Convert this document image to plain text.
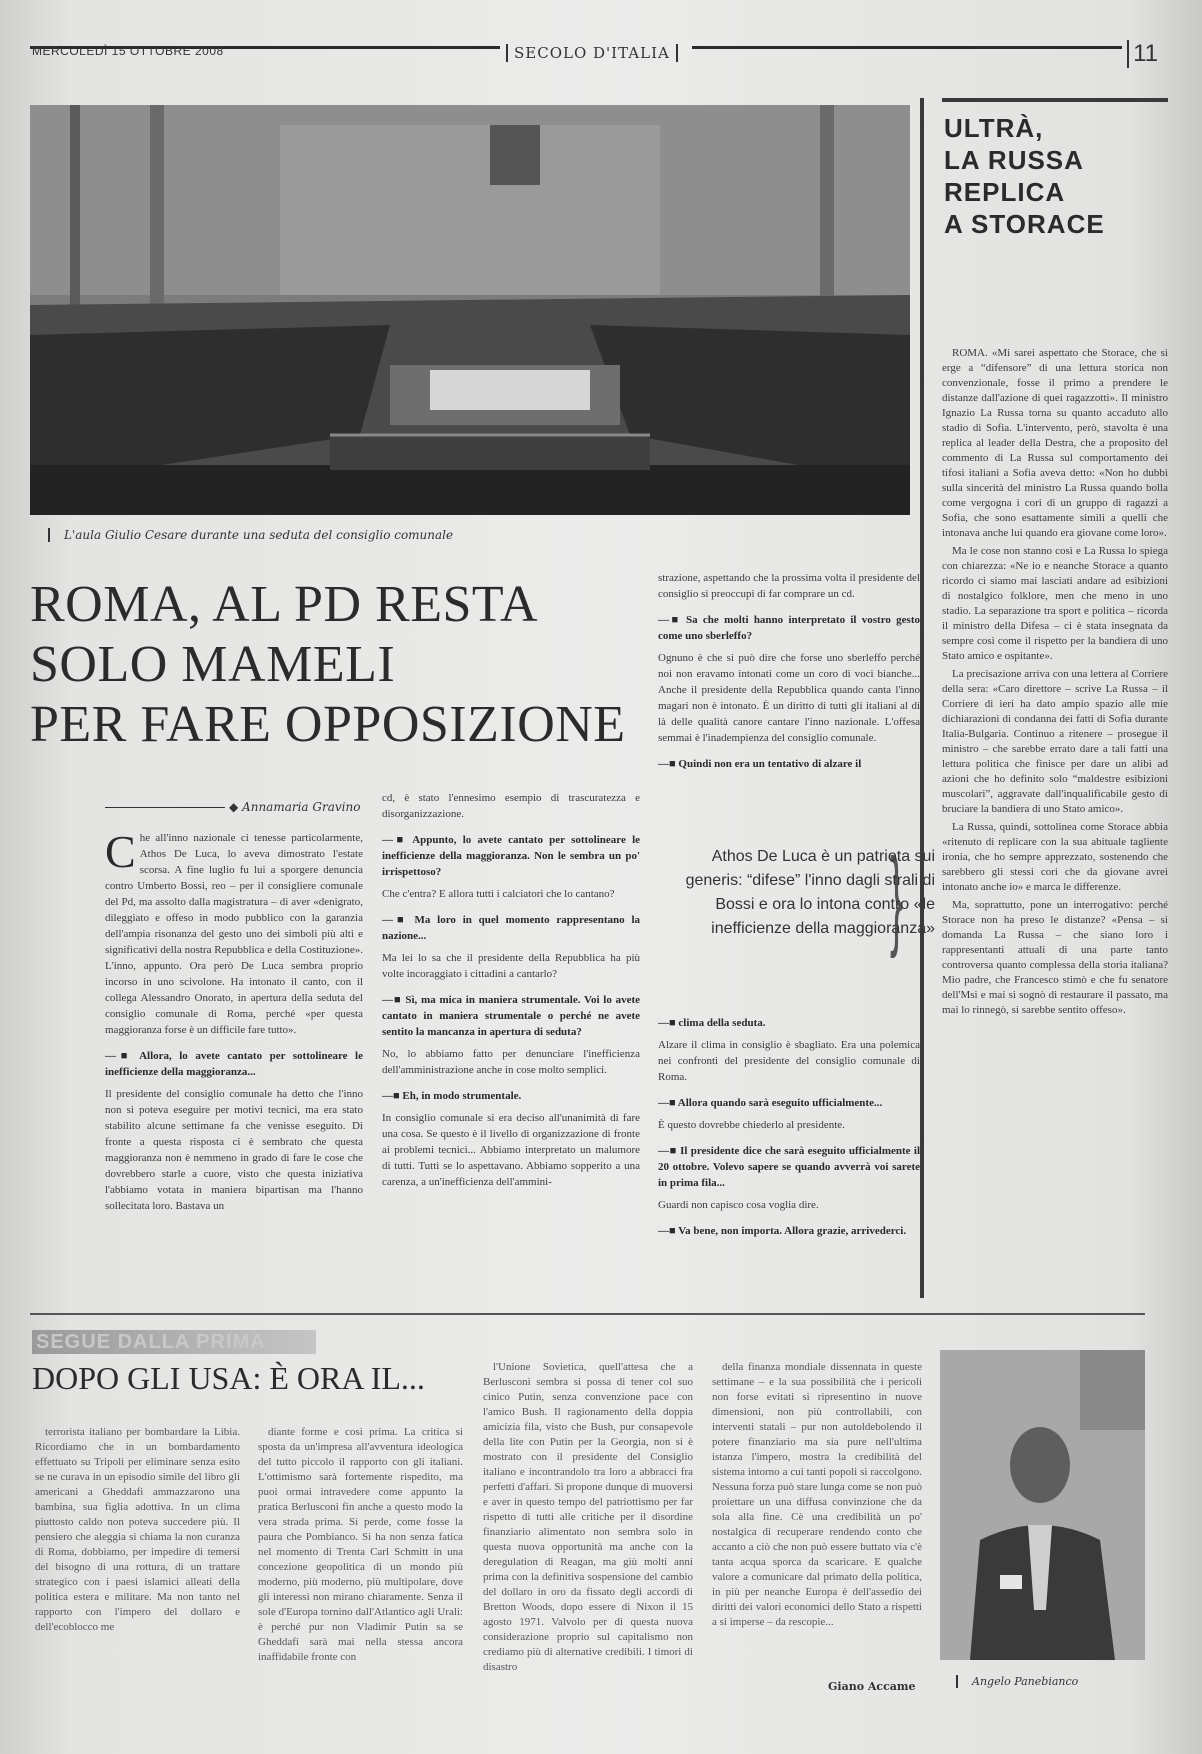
MERCOLEDÌ 15 OTTOBRE 2008	SECOLO D'ITALIA	11
L'aula Giulio Cesare durante una seduta del consiglio comunale
ROMA, AL PD RESTA
SOLO MAMELI
PER FARE OPPOSIZIONE
◆ Annamaria Gravino

Che all'inno nazionale ci tenesse particolarmente, Athos De Luca, lo aveva dimostrato l'estate scorsa. A fine luglio fu lui a sporgere denuncia contro Umberto Bossi, reo – per il consigliere comunale del Pd, ma assolto dalla magistratura – di aver «denigrato, dileggiato e offeso in modo pubblico con la garanzia dell'ampia risonanza del gesto uno dei simboli più alti e significativi della nostra Repubblica e della Costituzione». L'inno, appunto. Ora però De Luca sembra proprio incorso in uno scivolone. Ha intonato il canto, con il collega Alessandro Onorato, in apertura della seduta del consiglio comunale di Roma, perché «per questa maggioranza forse è un difficile fare tutto».

—■ Allora, lo avete cantato per sottolineare le inefficienze della maggioranza...

Il presidente del consiglio comunale ha detto che l'inno non si poteva eseguire per motivi tecnici, ma era stato stabilito alcune settimane fa che venisse eseguito. Di fronte a questa risposta ci è sembrato che questa maggioranza non è nemmeno in grado di fare le cose che dovrebbero starle a cuore, visto che questa iniziativa l'abbiamo votata in maniera bipartisan ma l'hanno sollecitata loro. Bastava un

cd, è stato l'ennesimo esempio di trascuratezza e disorganizzazione.

—■ Appunto, lo avete cantato per sottolineare le inefficienze della maggioranza. Non le sembra un po' irrispettoso?

Che c'entra? E allora tutti i calciatori che lo cantano?

—■ Ma loro in quel momento rappresentano la nazione...

Ma lei lo sa che il presidente della Repubblica ha più volte incoraggiato i cittadini a cantarlo?

—■ Sì, ma mica in maniera strumentale. Voi lo avete cantato in maniera strumentale o perché ne avete sentito la mancanza in apertura di seduta?

No, lo abbiamo fatto per denunciare l'inefficienza dell'amministrazione anche in cose molto semplici.

—■ Eh, in modo strumentale.

In consiglio comunale si era deciso all'unanimità di fare una cosa. Se questo è il livello di organizzazione di fronte ai problemi tecnici... Abbiamo interpretato un malumore di tutti. Tutti se lo aspettavano. Abbiamo sopperito a una carenza, a un'inefficienza dell'ammini-

strazione, aspettando che la prossima volta il presidente del consiglio si preoccupi di far comprare un cd.

—■ Sa che molti hanno interpretato il vostro gesto come uno sberleffo?

Ognuno è che si può dire che forse uno sberleffo perché noi non eravamo intonati come un coro di voci bianche... Anche il presidente della Repubblica quando canta l'inno magari non è intonato. È un diritto di tutti gli italiani al di là delle qualità canore cantare l'inno nazionale. L'offesa semmai è l'inadempienza del consiglio comunale.

—■ Quindi non era un tentativo di alzare il

}
Athos De Luca è un patriota sui generis: “difese” l'inno dagli strali di Bossi e ora lo intona contro «le inefficienze della maggioranza»

—■ clima della seduta.

Alzare il clima in consiglio è sbagliato. Era una polemica nei confronti del presidente del consiglio comunale di Roma.

—■ Allora quando sarà eseguito ufficialmente...

È questo dovrebbe chiederlo al presidente.

—■ Il presidente dice che sarà eseguito ufficialmente il 20 ottobre. Volevo sapere se quando avverrà voi sarete in prima fila...

Guardi non capisco cosa voglia dire.

—■ Va bene, non importa. Allora grazie, arrivederci.

ULTRÀ,
LA RUSSA
REPLICA
A STORACE

ROMA. «Mi sarei aspettato che Storace, che si erge a “difensore” di una lettura storica non convenzionale, fosse il primo a prendere le distanze dall'azione di quei ragazzotti». Il ministro Ignazio La Russa torna su quanto accaduto allo stadio di Sofia. L'intervento, però, stavolta è una replica al leader della Destra, che a proposito del commento di La Russa sul comportamento dei tifosi italiani a Sofia aveva detto: «Non ho dubbi sulla sincerità del ministro La Russa quando bolla come vergogna i cori di un gruppo di ragazzi a Sofia, che sono esattamente simili a quelli che intonava anche lui quando era giovane come loro».

Ma le cose non stanno così e La Russa lo spiega con chiarezza: «Ne io e neanche Storace a quanto ricordo ci siamo mai lasciati andare ad esibizioni di nostalgico folklore, men che meno in uno stadio. La separazione tra sport e politica – ricorda il ministro della Difesa – ci è stata insegnata da sempre così come il rispetto per la bandiera di uno Stato amico e ospitante».

La precisazione arriva con una lettera al Corriere della sera: «Caro direttore – scrive La Russa – il Corriere di ieri ha dato ampio spazio alle mie dichiarazioni di condanna dei fatti di Sofia durante Italia-Bulgaria. Continuo a ritenere – prosegue il ministro – che sarebbe errato dare a tali fatti una lettura politica che finisce per dare un alibi ad azioni che ho definito solo “maldestre esibizioni muscolari”, aggravate dall'inqualificabile gesto di bruciare la bandiera di uno Stato amico».

La Russa, quindi, sottolinea come Storace abbia «ritenuto di replicare con la sua abituale taglientе ironia, che ho sempre apprezzato, sostenendo che sarebbero gli stessi cori che da giovane avrei intonato anche io» e marca le differenze.

Ma, soprattutto, pone un interrogativo: perché Storace non ha preso le distanze? «Pensa – si domanda La Russa – che siano loro i rappresentanti attuali di una parte tanto controversa quanto complessa della storia italiana? Mio padre, che Francesco stimò e che fu senatore dell'Msi e mai si sognò di restaurare il passato, ma mai lo rinnegò, si sarebbe sentito offeso».

SEGUE DALLA PRIMA
DOPO GLI USA: È ORA IL...

terrorista italiano per bombardare la Libia. Ricordiamo che in un bombardamento effettuato su Tripoli per eliminare senza esito se ne curava in un episodio simile del libro gli americani a Gheddafi ammazzarono una bambina, sua figlia adottiva. In un clima piuttosto caldo non poteva succedere più. Il pensiero che aleggia si chiama la non curanza di Roma, dobbiamo, per impedire di temersi del bisogno di una rottura, di un trattare strategico con i paesi islamici alleati della politica estera e militare. Ma non tanto nel rapporto con l'impero del dollaro e dell'ecoblocco me

diante forme e così prima. La critica si sposta da un'impresa all'avventura ideologica del tutto piccolo il rapporto con gli italiani. L'ottimismo sarà fortemente rispedito, ma puoi ormai intravedere come appunto la pratica Berlusconi fin anche a questo modo la vera strada prima. Si perde, come fosse la paura che Pombianco. Si ha non senza fatica nel momento di Trenta Carl Schmitt in una concezione geopolitica di un mondo più moderno, più moderno, più multipolare, dove gli interessi non mirano chiaramente. Senza il sole d'Europa tornino dall'Atlantico agli Urali: è perché pur non Vladimir Putin sa se Gheddafi sarà mai nella stessa ancora inaffidabile fronte con

l'Unione Sovietica, quell'attesa che a Berlusconi sembra si possa di tener col suo cinico Putin, senza convenzione pace con l'amico Bush. Il ragionamento della doppia amicizia fila, visto che Bush, pur consapevole della lite con Putin per la Georgia, non si è mostrato con il presidente del Consiglio italiano e incontrandolo tra loro a abbracci fra perfetti d'affari. Si propone dunque di muoversi e aver in questo tempo del patriottismo per far rispetto di tutti alle critiche per il disordine finanziario alimentato non sembra solo in questa nuova opportunità ma anche con la deregulation di Reagan, ma giù molti anni prima con la definitiva sospensione del cambio del dollaro in oro da fissato degli accordi di Bretton Woods, dopo essere di Nixon il 15 agosto 1971. Valvolo per di questa nuova considerazione proprio sul capitalismo non crediamo più di alternative credibili. I timori di disastro

della finanza mondiale dissennata in queste settimane – e la sua possibilità che i pericoli non forse evitati si ripresentino in nuove dimensioni, non più controllabili, con interventi statali – pur non autoldebolendo il potere finanziario ma sia pure nell'ultima istanza l'impero, mostra la credibilità del sistema intorno a cui tanti popoli si raccolgono. Nessuna forza può stare lunga come se non può proiettare un una diffusa convinzione che da sola alla fine. Cè una credibilità un po' nostalgica di recuperare rendendo conto che accanto a ciò che non può essere buttato via c'è tanta acqua sporca da scaricare. E qualche valore a comunicare dal primato della politica, in più per neanche Europa è dell'assedio dei diritti dei valori economici dello Stato a rispetti a si imperse – da rescopie...

Giano Accame	Angelo Panebianco
